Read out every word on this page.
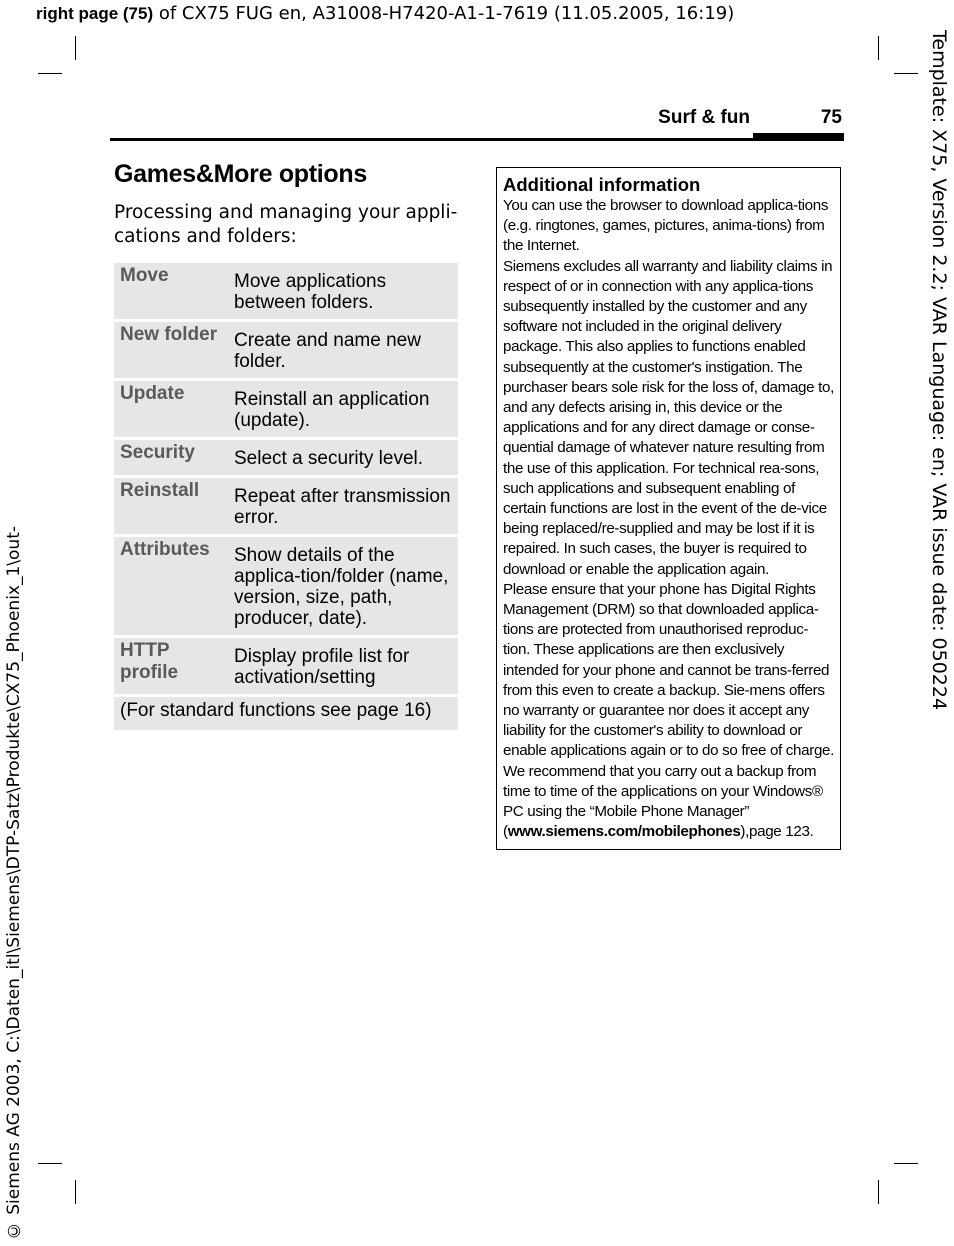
right page (75) of CX75 FUG en, A31008-H7420-A1-1-7619 (11.05.2005, 16:19)
Template: X75, Version 2.2; VAR Language: en; VAR issue date: 050224
© Siemens AG 2003, C:\Daten_itl\Siemens\DTP-Satz\Produkte\CX75_Phoenix_1\out-
Surf & fun	75
Games&More options
Processing and managing your appli-cations and folders:
Move	Move applications between folders.
New folder	Create and name new folder.
Update	Reinstall an application (update).
Security	Select a security level.
Reinstall	Repeat after transmission error.
Attributes	Show details of the applica-tion/folder (name, version, size, path, producer, date).
HTTP profile	Display profile list for activation/setting
(For standard functions see page 16)	
Additional information

You can use the browser to download applica-tions (e.g. ringtones, games, pictures, anima-tions) from the Internet.

Siemens excludes all warranty and liability claims in respect of or in connection with any applica-tions subsequently installed by the customer and any software not included in the original delivery package. This also applies to functions enabled subsequently at the customer's instigation. The purchaser bears sole risk for the loss of, damage to, and any defects arising in, this device or the applications and for any direct damage or conse-quential damage of whatever nature resulting from the use of this application. For technical rea-sons, such applications and subsequent enabling of certain functions are lost in the event of the de-vice being replaced/re-supplied and may be lost if it is repaired. In such cases, the buyer is required to download or enable the application again.

Please ensure that your phone has Digital Rights Management (DRM) so that downloaded applica-tions are protected from unauthorised reproduc-tion. These applications are then exclusively intended for your phone and cannot be trans-ferred from this even to create a backup. Sie-mens offers no warranty or guarantee nor does it accept any liability for the customer's ability to download or enable applications again or to do so free of charge. We recommend that you carry out a backup from time to time of the applications on your Windows® PC using the “Mobile Phone Manager”

(www.siemens.com/mobilephones),page 123.
